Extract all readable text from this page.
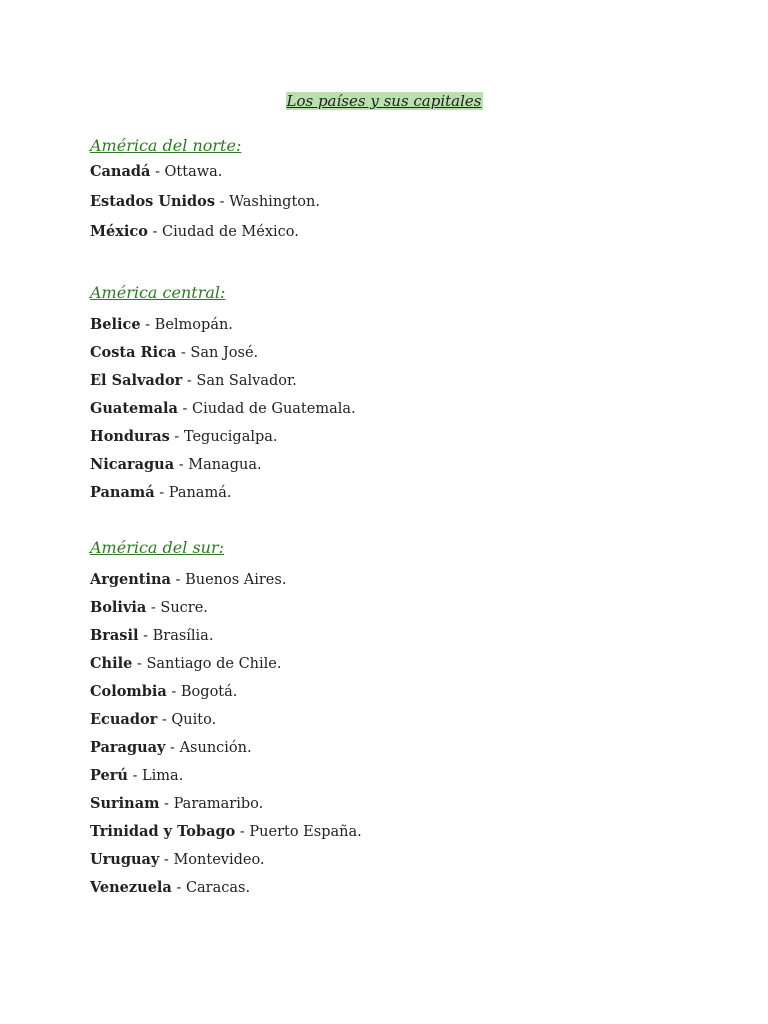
Los países y sus capitales
América del norte:
Canadá - Ottawa.
Estados Unidos - Washington.
México - Ciudad de México.
América central:
Belice - Belmopán.
Costa Rica - San José.
El Salvador - San Salvador.
Guatemala - Ciudad de Guatemala.
Honduras - Tegucigalpa.
Nicaragua - Managua.
Panamá - Panamá.
América del sur:
Argentina - Buenos Aires.
Bolivia - Sucre.
Brasil - Brasília.
Chile - Santiago de Chile.
Colombia - Bogotá.
Ecuador - Quito.
Paraguay - Asunción.
Perú - Lima.
Surinam - Paramaribo.
Trinidad y Tobago - Puerto España.
Uruguay - Montevideo.
Venezuela - Caracas.
